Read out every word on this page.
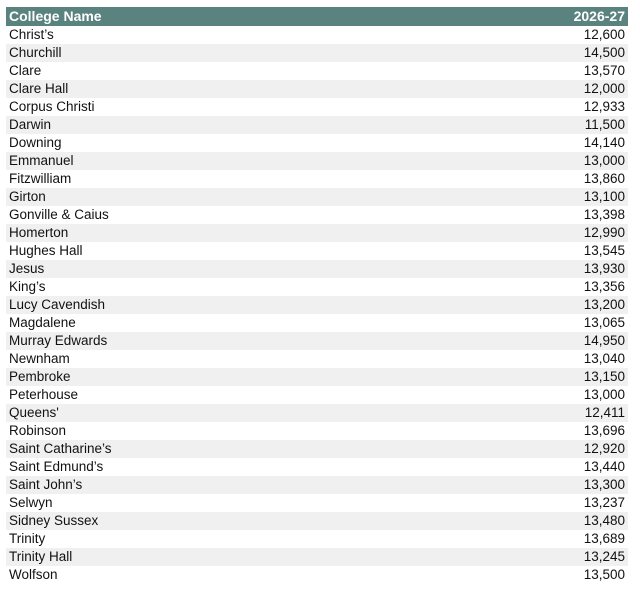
College Name	2026-27
Christ’s	12,600
Churchill	14,500
Clare	13,570
Clare Hall	12,000
Corpus Christi	12,933
Darwin	11,500
Downing	14,140
Emmanuel	13,000
Fitzwilliam	13,860
Girton	13,100
Gonville & Caius	13,398
Homerton	12,990
Hughes Hall	13,545
Jesus	13,930
King’s	13,356
Lucy Cavendish	13,200
Magdalene	13,065
Murray Edwards	14,950
Newnham	13,040
Pembroke	13,150
Peterhouse	13,000
Queens'	12,411
Robinson	13,696
Saint Catharine’s	12,920
Saint Edmund’s	13,440
Saint John’s	13,300
Selwyn	13,237
Sidney Sussex	13,480
Trinity	13,689
Trinity Hall	13,245
Wolfson	13,500
